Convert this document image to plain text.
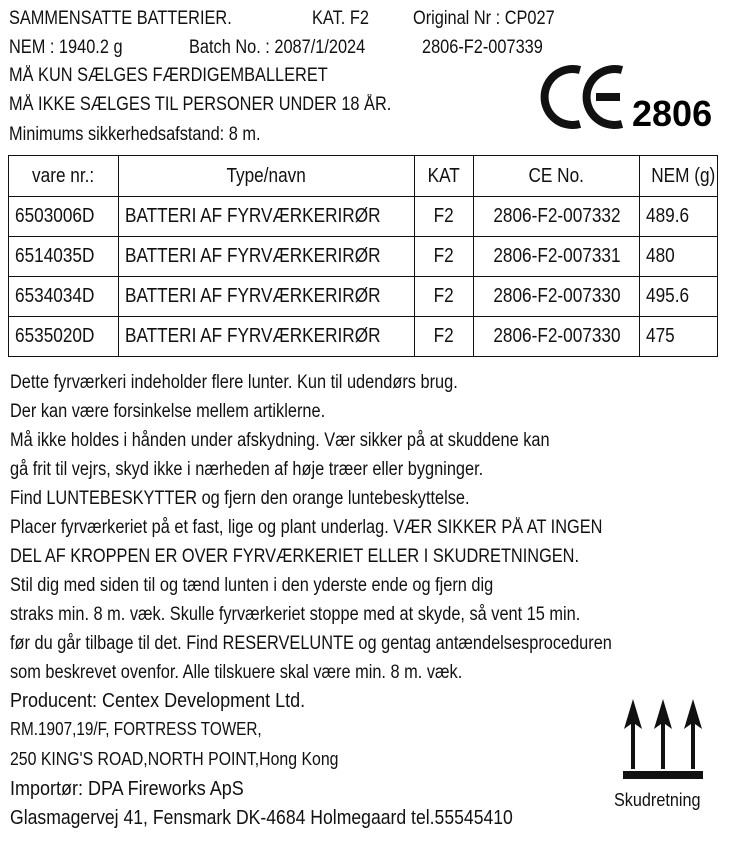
SAMMENSATTE BATTERIER.	KAT. F2 Original Nr : CP027
NEM : 1940.2 g	Batch No. : 2087/1/2024	2806-F2-007339
MÅ KUN SÆLGES FÆRDIGEMBALLERET
MÅ IKKE SÆLGES TIL PERSONER UNDER 18 ÅR.
Minimums sikkerhedsafstand: 8 m.
2806
vare nr.:	Type/navn	KAT	CE No.	NEM (g)
6503006D	BATTERI AF FYRVÆRKERIRØR	F2	2806-F2-007332	489.6
6514035D	BATTERI AF FYRVÆRKERIRØR	F2	2806-F2-007331	480
6534034D	BATTERI AF FYRVÆRKERIRØR	F2	2806-F2-007330	495.6
6535020D	BATTERI AF FYRVÆRKERIRØR	F2	2806-F2-007330	475
Dette fyrværkeri indeholder flere lunter. Kun til udendørs brug.
Der kan være forsinkelse mellem artiklerne.
Må ikke holdes i hånden under afskydning. Vær sikker på at skuddene kan
gå frit til vejrs, skyd ikke i nærheden af høje træer eller bygninger.
Find LUNTEBESKYTTER og fjern den orange luntebeskyttelse.
Placer fyrværkeriet på et fast, lige og plant underlag. VÆR SIKKER PÅ AT INGEN
DEL AF KROPPEN ER OVER FYRVÆRKERIET ELLER I SKUDRETNINGEN.
Stil dig med siden til og tænd lunten i den yderste ende og fjern dig
straks min. 8 m. væk. Skulle fyrværkeriet stoppe med at skyde, så vent 15 min.
før du går tilbage til det. Find RESERVELUNTE og gentag antændelsesproceduren
som beskrevet ovenfor. Alle tilskuere skal være min. 8 m. væk.
Producent: Centex Development Ltd.
RM.1907,19/F, FORTRESS TOWER,
250 KING'S ROAD,NORTH POINT,Hong Kong
Importør: DPA Fireworks ApS
Glasmagervej 41, Fensmark DK-4684 Holmegaard tel.55545410
Skudretning
